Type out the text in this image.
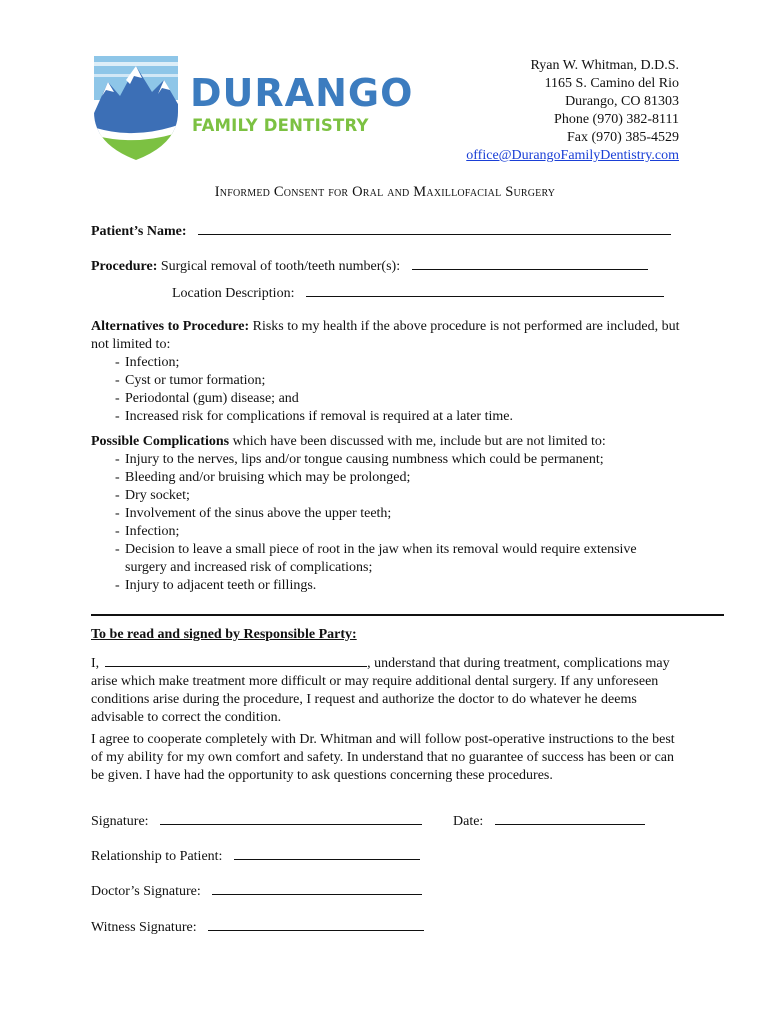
DURANGO
FAMILY DENTISTRY
Ryan W. Whitman, D.D.S.
1165 S. Camino del Rio
Durango, CO 81303
Phone (970) 382-8111
Fax (970) 385-4529
office@DurangoFamilyDentistry.com
Informed Consent for Oral and Maxillofacial Surgery
Patient’s Name:
Procedure: Surgical removal of tooth/teeth number(s):
Location Description:
Alternatives to Procedure: Risks to my health if the above procedure is not performed are included, but not limited to:
- Infection;
- Cyst or tumor formation;
- Periodontal (gum) disease; and
- Increased risk for complications if removal is required at a later time.
Possible Complications which have been discussed with me, include but are not limited to:
- Injury to the nerves, lips and/or tongue causing numbness which could be permanent;
- Bleeding and/or bruising which may be prolonged;
- Dry socket;
- Involvement of the sinus above the upper teeth;
- Infection;
- Decision to leave a small piece of root in the jaw when its removal would require extensive surgery and increased risk of complications;
- Injury to adjacent teeth or fillings.
To be read and signed by Responsible Party:
I,	, understand that during treatment, complications may arise which make treatment more difficult or may require additional dental surgery. If any unforeseen conditions arise during the procedure, I request and authorize the doctor to do whatever he deems advisable to correct the condition.
I agree to cooperate completely with Dr. Whitman and will follow post-operative instructions to the best of my ability for my own comfort and safety. In understand that no guarantee of success has been or can be given. I have had the opportunity to ask questions concerning these procedures.
Signature:	Date:
Relationship to Patient:
Doctor’s Signature:
Witness Signature:
